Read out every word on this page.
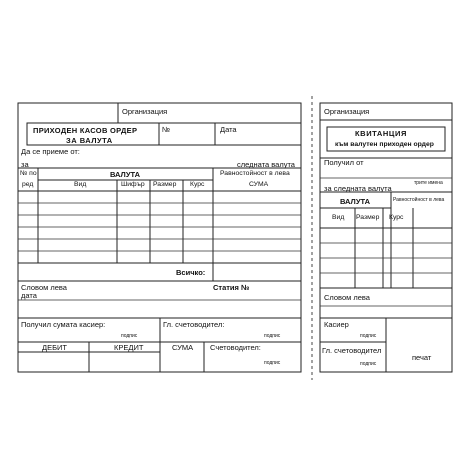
Организация
ПРИХОДЕН КАСОВ ОРДЕР
ЗА ВАЛУТА
№	Дата
Да се приеме от:
за	следната валута
№ по
ред
ВАЛУТА
Вид	Шифър Размер Курс
Равностойност в лева
СУМА
Всичко:
Словом лева	Статия №
дата
Получил сумата касиер:
подпис
Гл. счетоводител:
подпис
ДЕБИТ	КРЕДИТ	СУМА Счетоводител:
подпис
Организация
КВИТАНЦИЯ
към валутен приходен ордер
Получил от
трите имена
за следната валута
ВАЛУТА
Вид Размер Курс
Равностойност в лева
Словом лева
Касиер
подпис
Гл. счетоводител
подпис
печат
